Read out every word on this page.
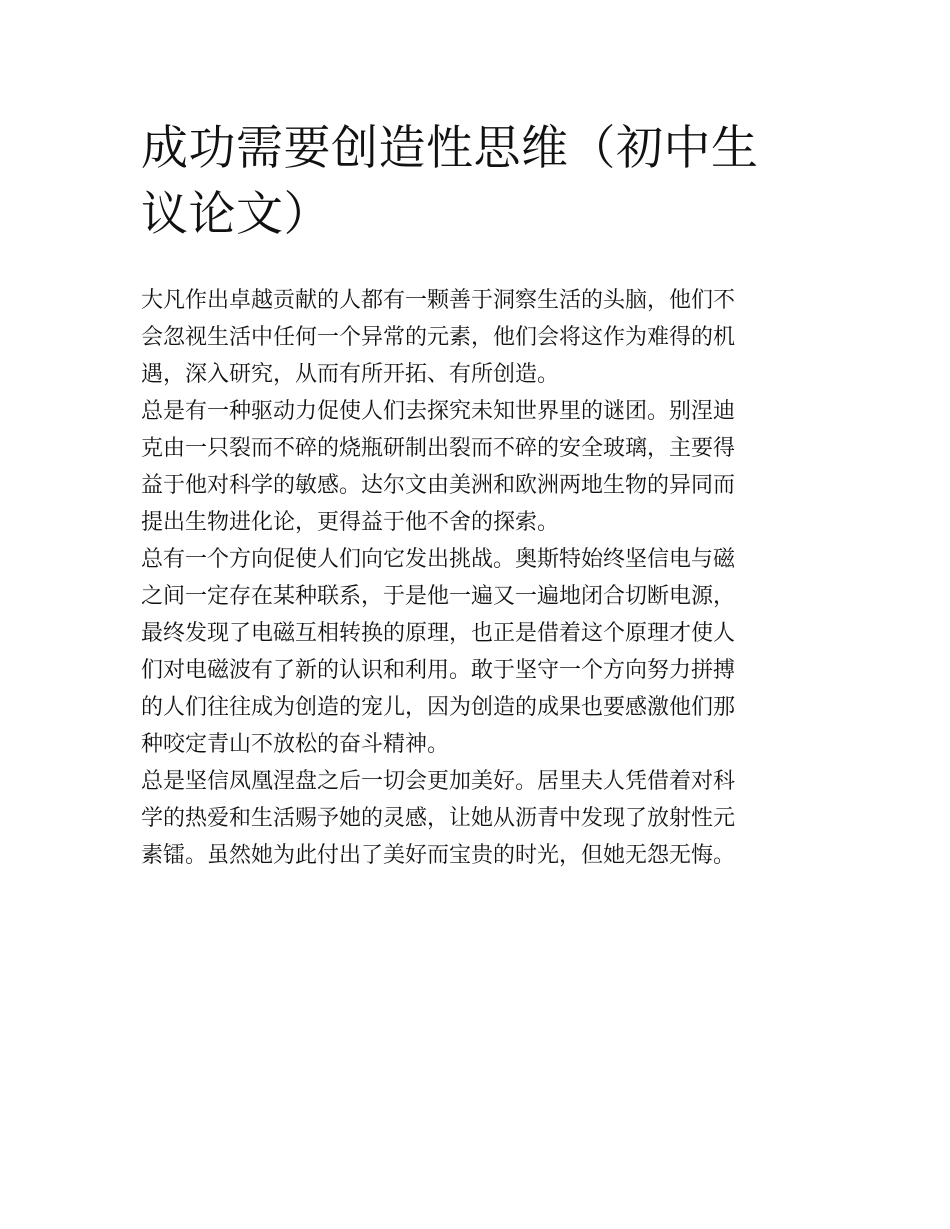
成功需要创造性思维（初中生
议论文）
大凡作出卓越贡献的人都有一颗善于洞察生活的头脑，他们不
会忽视生活中任何一个异常的元素，他们会将这作为难得的机
遇，深入研究，从而有所开拓、有所创造。
总是有一种驱动力促使人们去探究未知世界里的谜团。别涅迪
克由一只裂而不碎的烧瓶研制出裂而不碎的安全玻璃，主要得
益于他对科学的敏感。达尔文由美洲和欧洲两地生物的异同而
提出生物进化论，更得益于他不舍的探索。
总有一个方向促使人们向它发出挑战。奥斯特始终坚信电与磁
之间一定存在某种联系，于是他一遍又一遍地闭合切断电源，
最终发现了电磁互相转换的原理，也正是借着这个原理才使人
们对电磁波有了新的认识和利用。敢于坚守一个方向努力拼搏
的人们往往成为创造的宠儿，因为创造的成果也要感激他们那
种咬定青山不放松的奋斗精神。
总是坚信凤凰涅盘之后一切会更加美好。居里夫人凭借着对科
学的热爱和生活赐予她的灵感，让她从沥青中发现了放射性元
素镭。虽然她为此付出了美好而宝贵的时光，但她无怨无悔。
